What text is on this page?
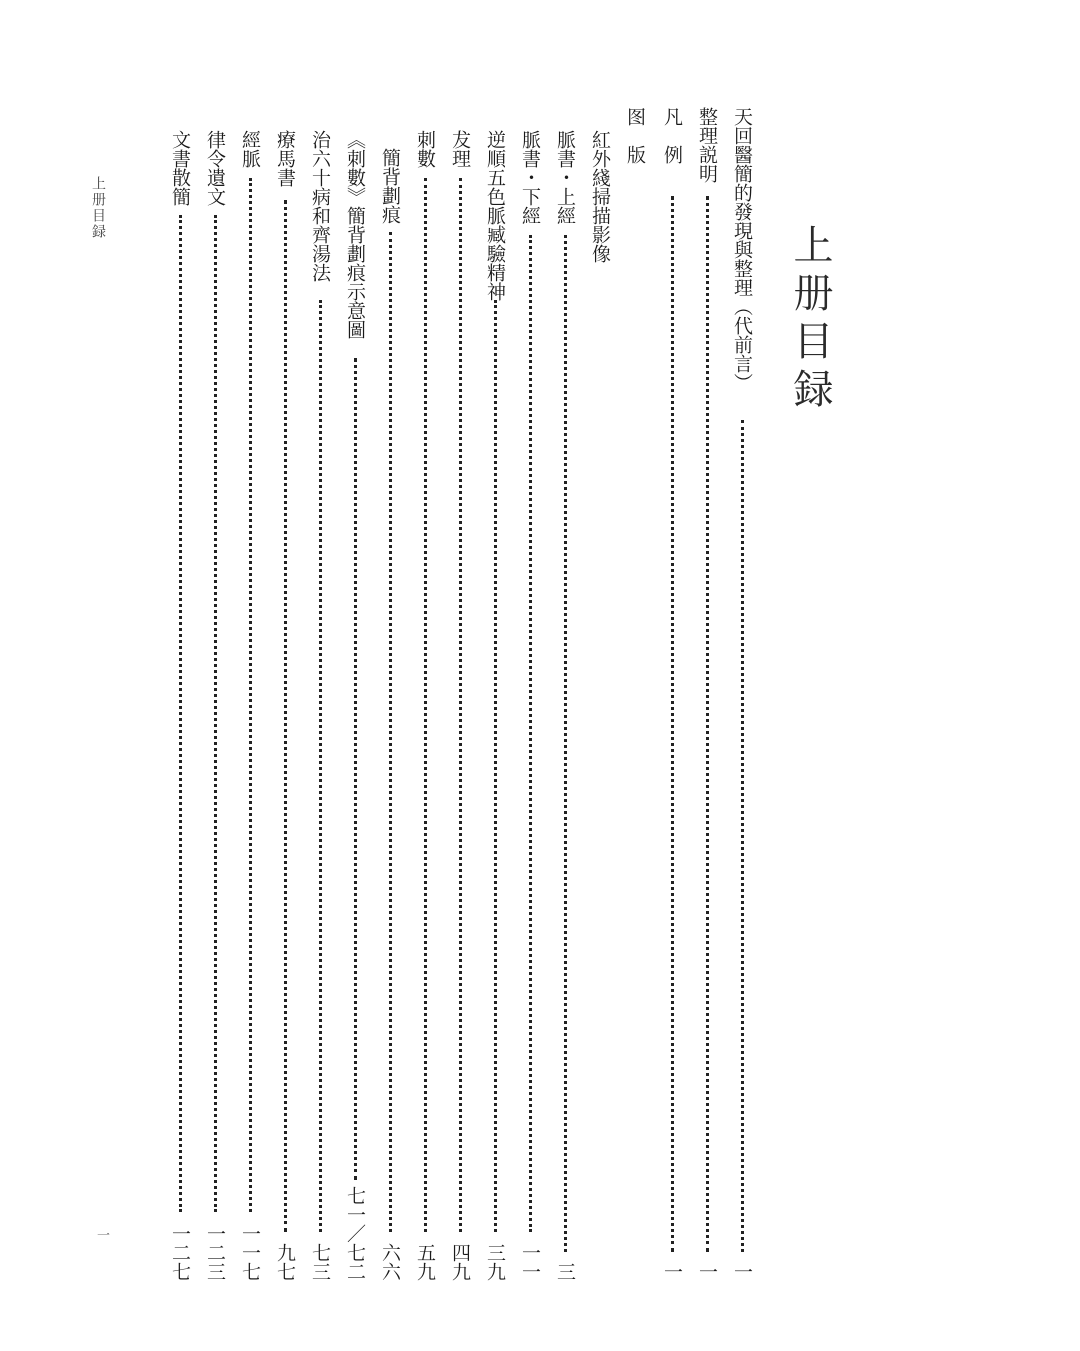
上册目録
上册目録
一
天回醫簡的發現與整理（代前言）
一
整理説明
一
凡　例
一
图　版
紅外綫掃描影像
脈書・上經
三
脈書・下經
一一
逆順五色脈臧驗精神
三九
犮理
四九
刺數
五九
簡背劃痕
六六
《刺數》簡背劃痕示意圖
七一／七二
治六十病和齊湯法
七三
療馬書
九七
經脈
一一七
律令遺文
一二三
文書散簡
一二七
